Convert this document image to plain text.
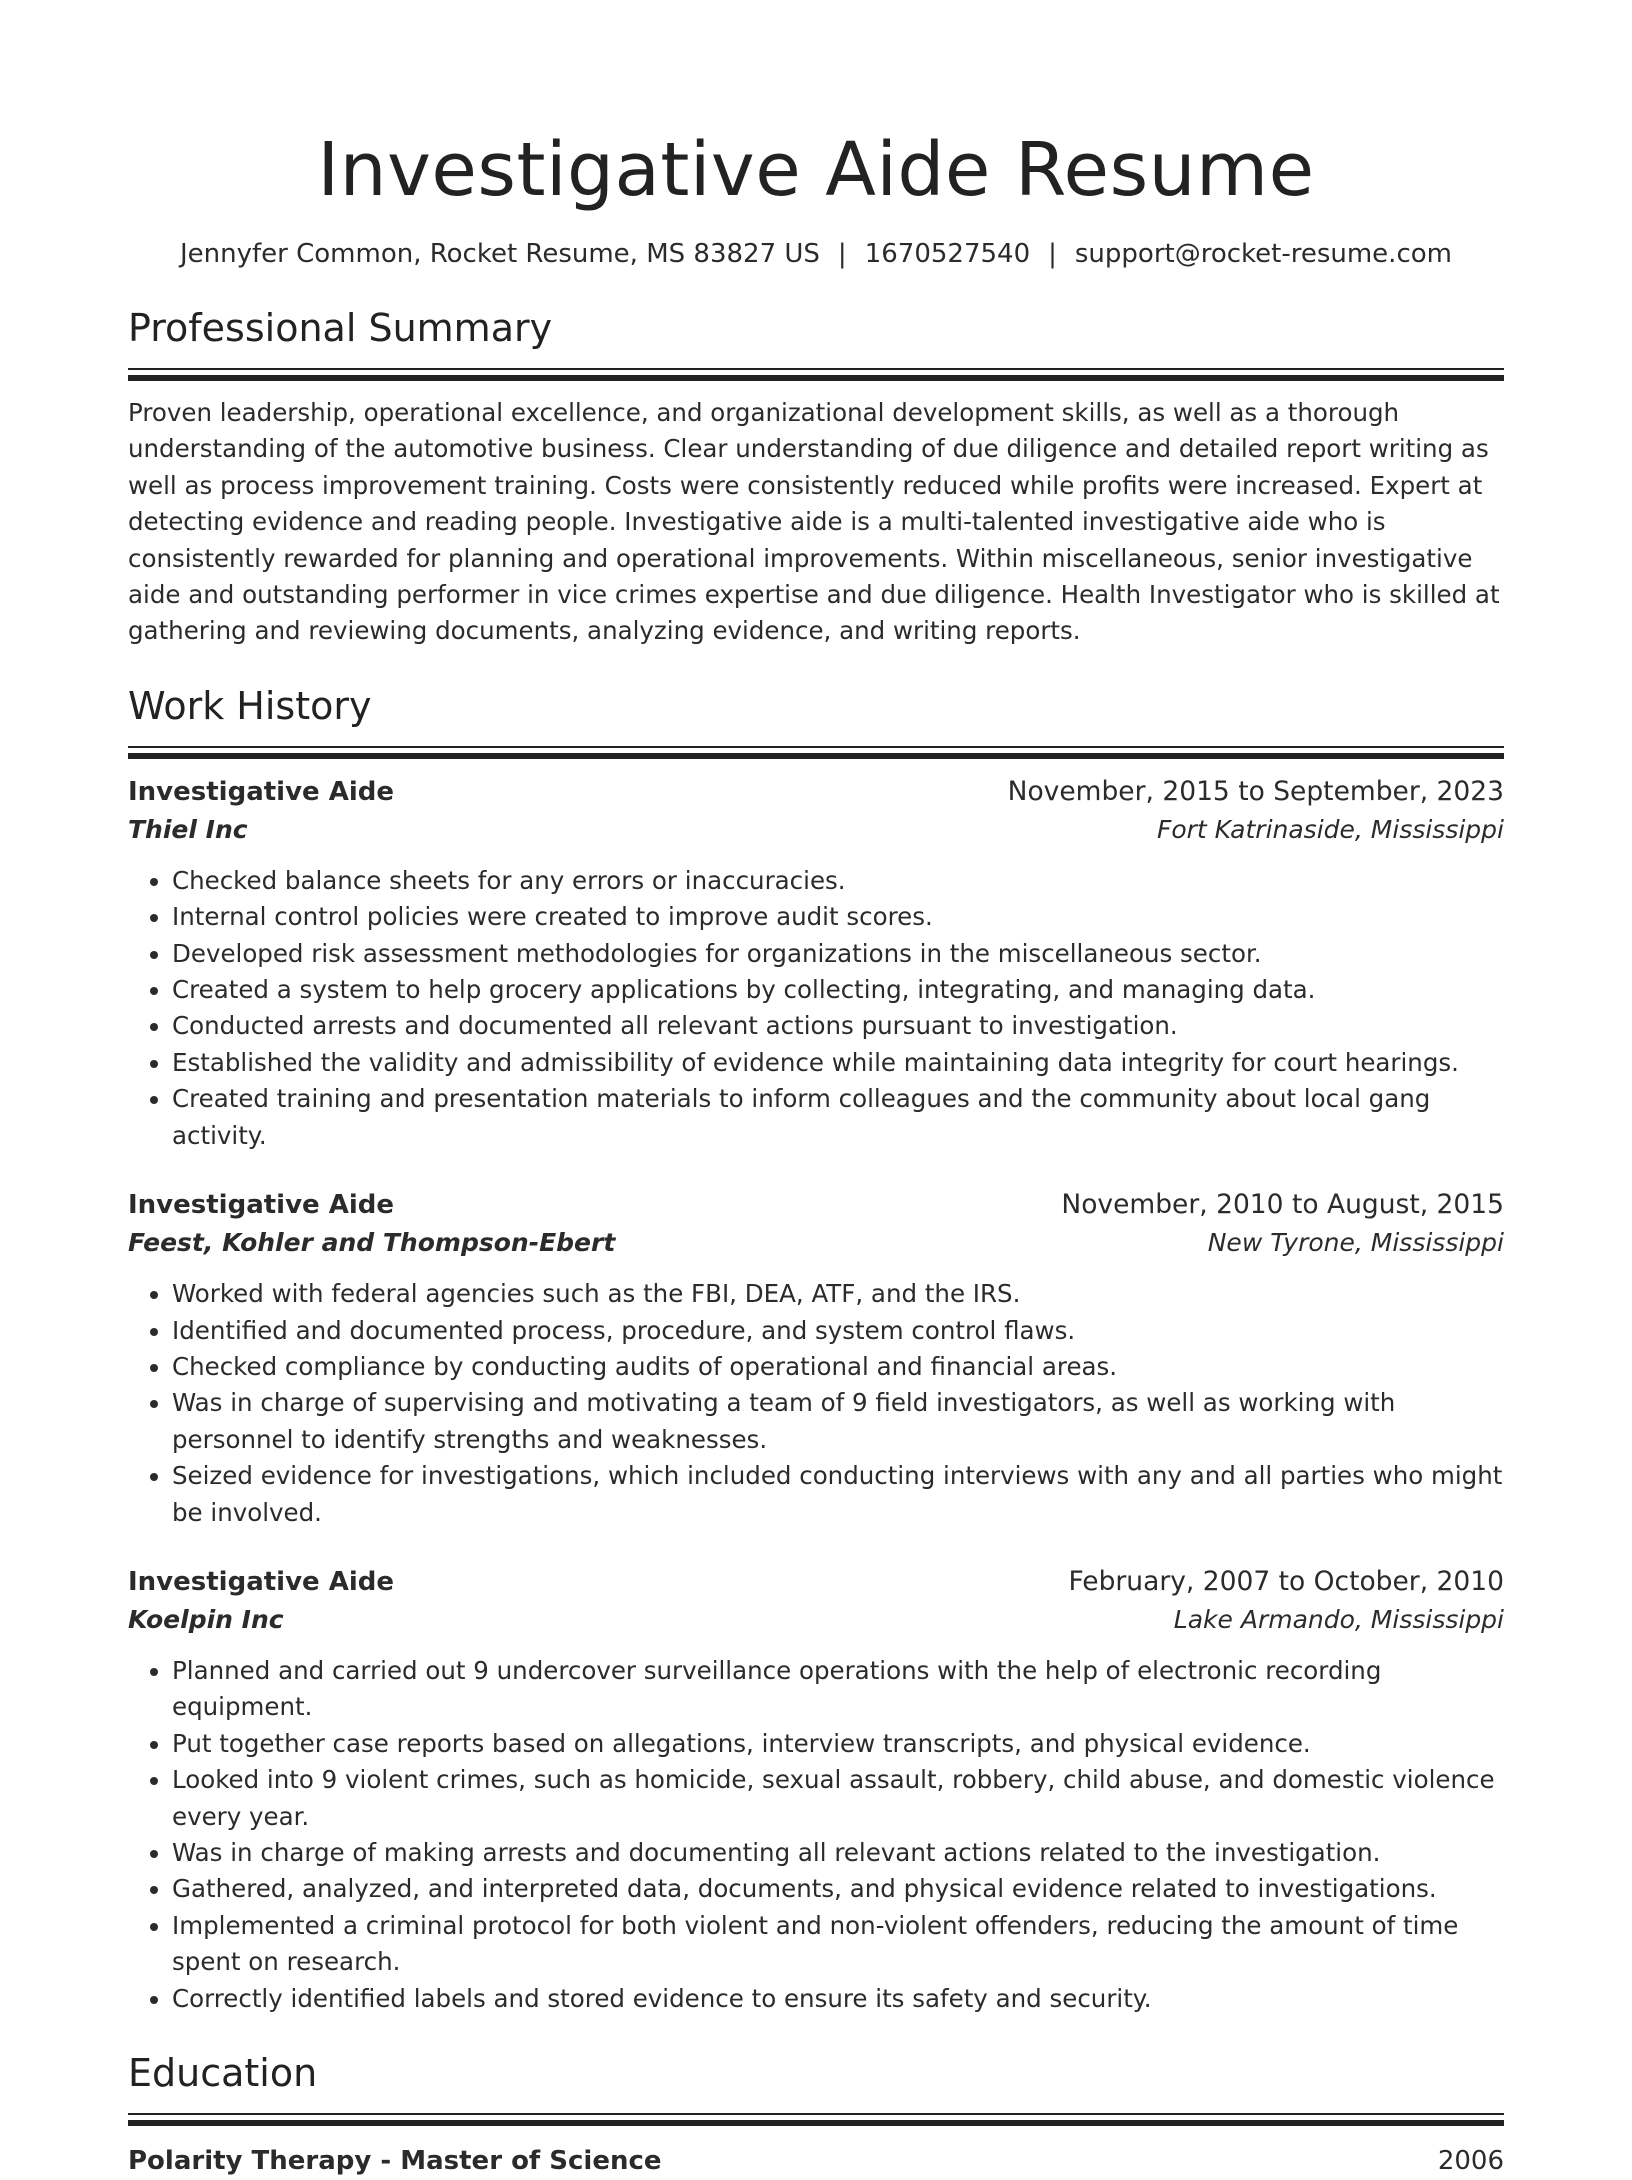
Investigative Aide Resume
Jennyfer Common, Rocket Resume, MS 83827 US | 1670527540 | support@rocket-resume.com
Professional Summary
Proven leadership, operational excellence, and organizational development skills, as well as a thorough understanding of the automotive business. Clear understanding of due diligence and detailed report writing as well as process improvement training. Costs were consistently reduced while profits were increased. Expert at detecting evidence and reading people. Investigative aide is a multi-talented investigative aide who is consistently rewarded for planning and operational improvements. Within miscellaneous, senior investigative aide and outstanding performer in vice crimes expertise and due diligence. Health Investigator who is skilled at gathering and reviewing documents, analyzing evidence, and writing reports.
Work History
Investigative Aide	November, 2015 to September, 2023
Thiel Inc	Fort Katrinaside, Mississippi
• Checked balance sheets for any errors or inaccuracies.
• Internal control policies were created to improve audit scores.
• Developed risk assessment methodologies for organizations in the miscellaneous sector.
• Created a system to help grocery applications by collecting, integrating, and managing data.
• Conducted arrests and documented all relevant actions pursuant to investigation.
• Established the validity and admissibility of evidence while maintaining data integrity for court hearings.
• Created training and presentation materials to inform colleagues and the community about local gang activity.
Investigative Aide	November, 2010 to August, 2015
Feest, Kohler and Thompson-Ebert	New Tyrone, Mississippi
• Worked with federal agencies such as the FBI, DEA, ATF, and the IRS.
• Identified and documented process, procedure, and system control flaws.
• Checked compliance by conducting audits of operational and financial areas.
• Was in charge of supervising and motivating a team of 9 field investigators, as well as working with personnel to identify strengths and weaknesses.
• Seized evidence for investigations, which included conducting interviews with any and all parties who might be involved.
Investigative Aide	February, 2007 to October, 2010
Koelpin Inc	Lake Armando, Mississippi
• Planned and carried out 9 undercover surveillance operations with the help of electronic recording equipment.
• Put together case reports based on allegations, interview transcripts, and physical evidence.
• Looked into 9 violent crimes, such as homicide, sexual assault, robbery, child abuse, and domestic violence every year.
• Was in charge of making arrests and documenting all relevant actions related to the investigation.
• Gathered, analyzed, and interpreted data, documents, and physical evidence related to investigations.
• Implemented a criminal protocol for both violent and non-violent offenders, reducing the amount of time spent on research.
• Correctly identified labels and stored evidence to ensure its safety and security.
Education
Polarity Therapy - Master of Science	2006
